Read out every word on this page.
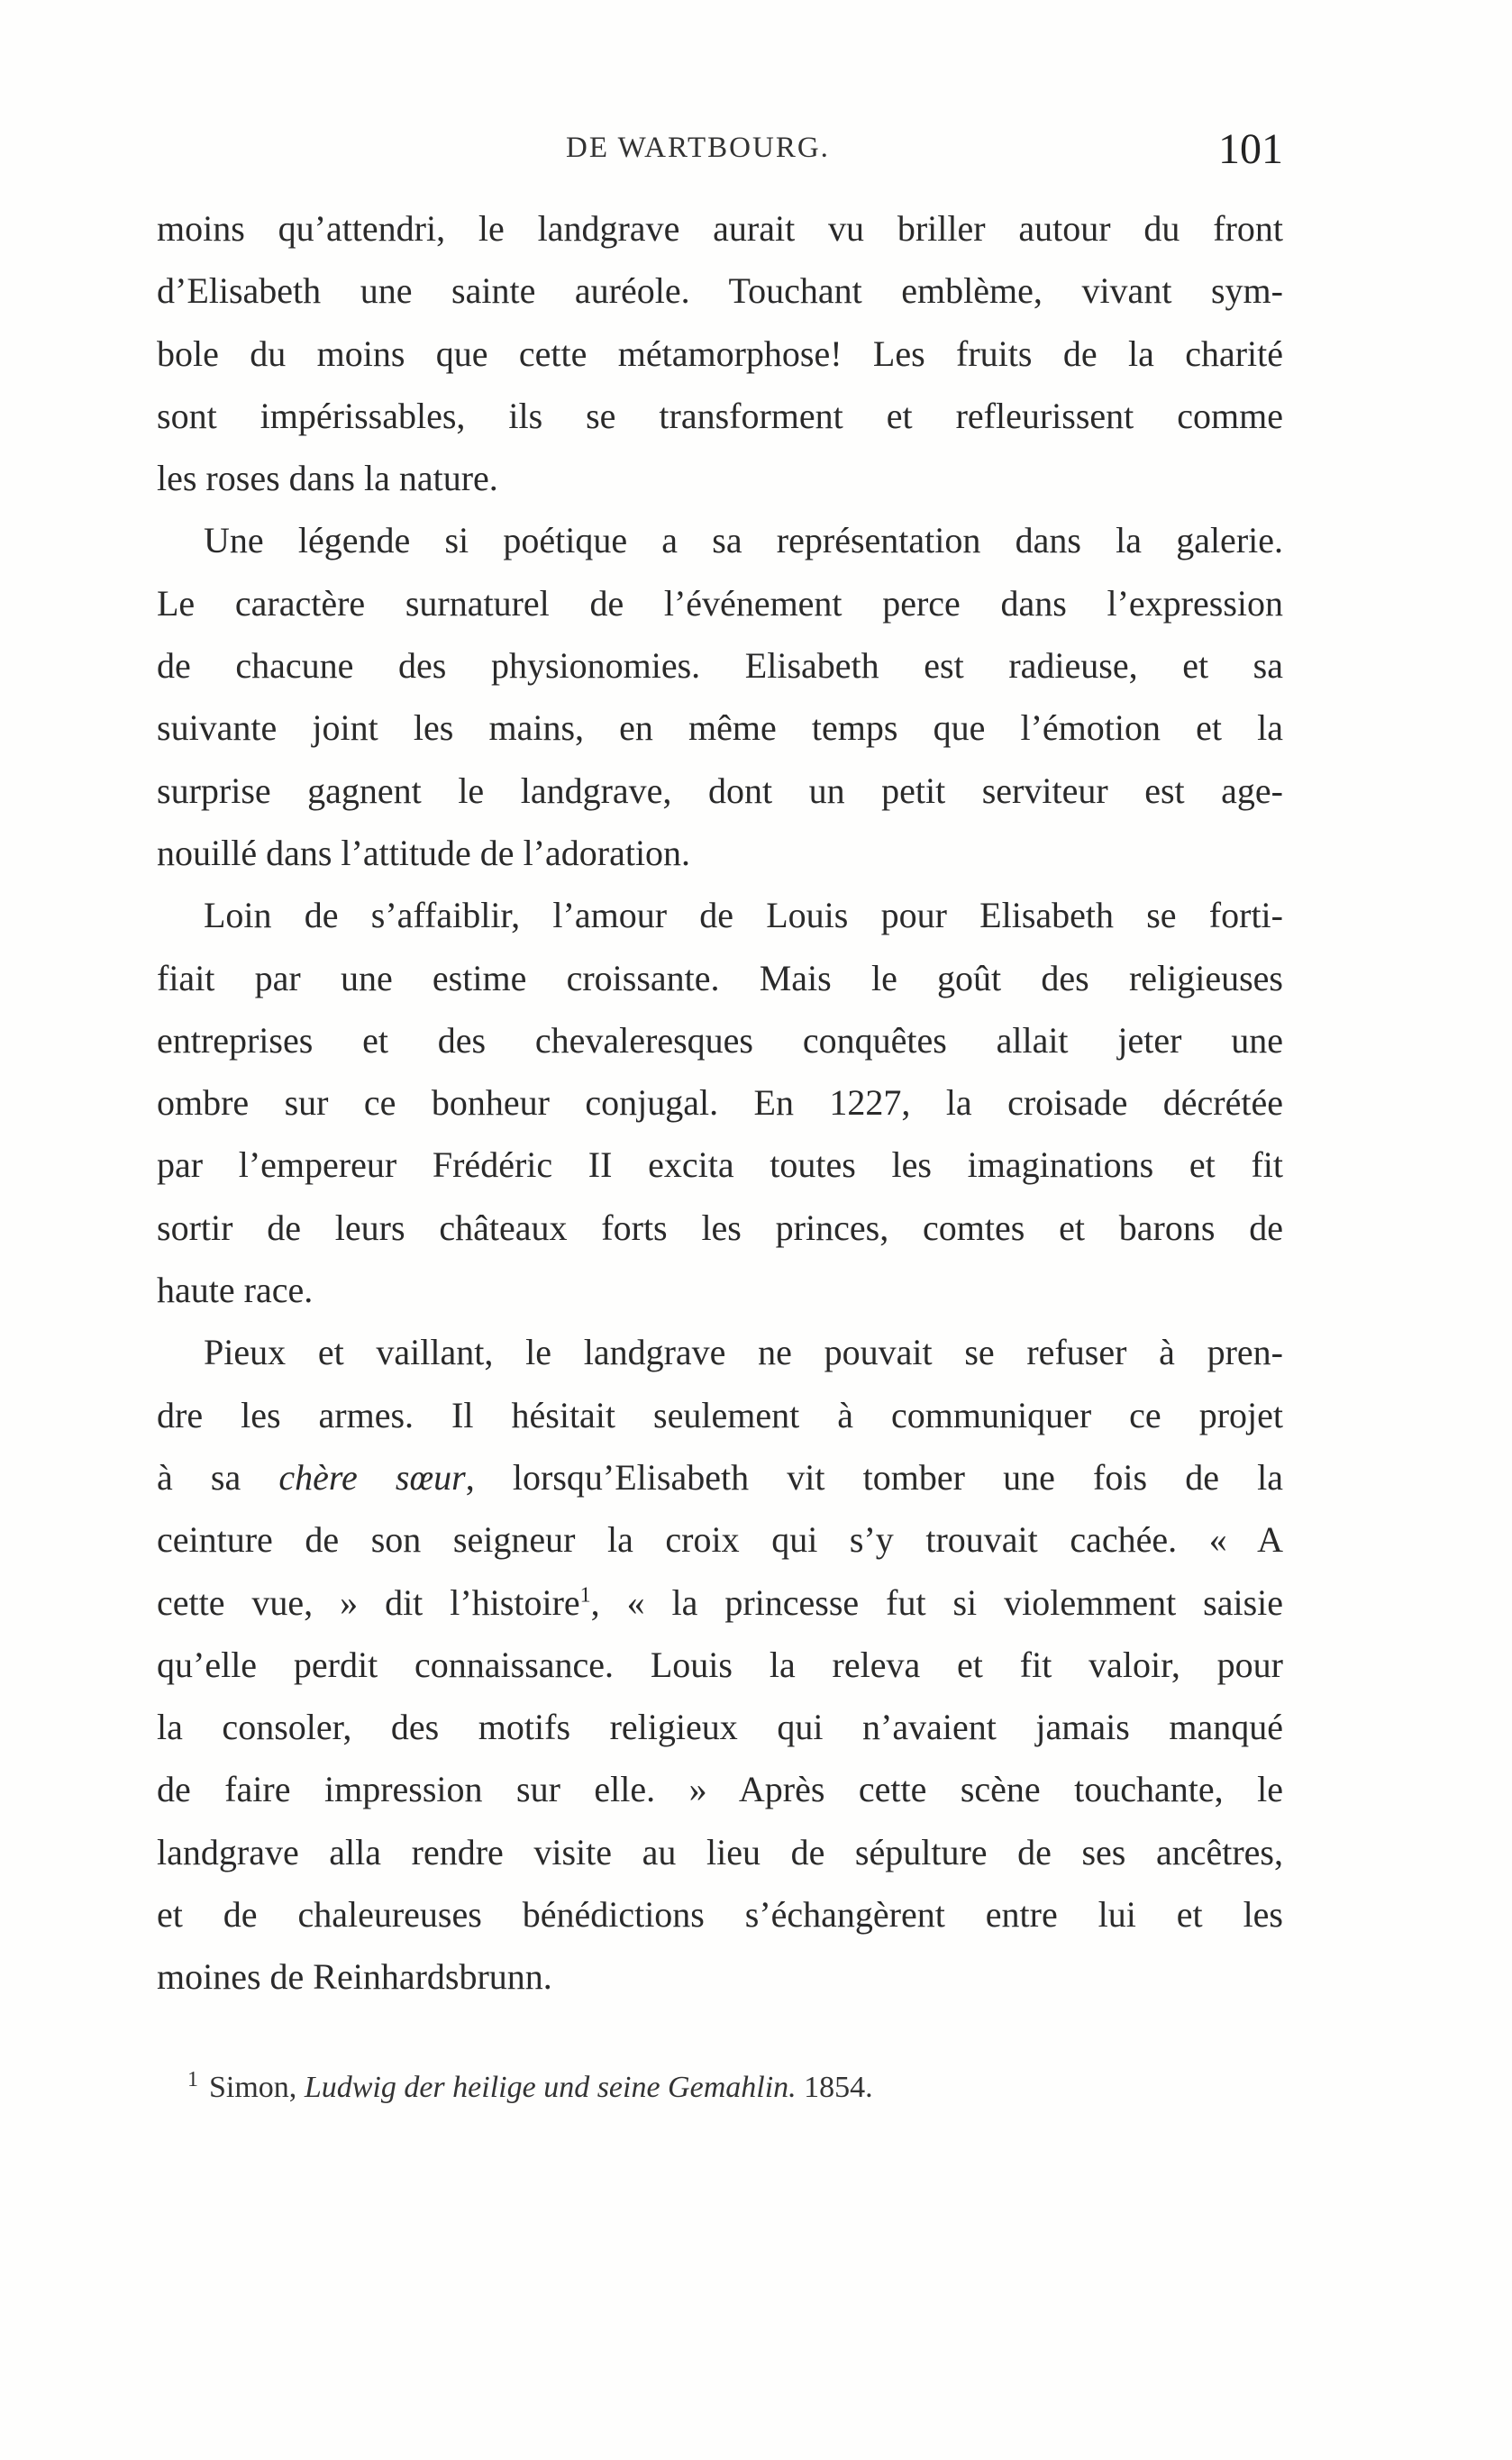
DE WARTBOURG.	101
moins qu’attendri, le landgrave aurait vu briller autour du front
d’Elisabeth une sainte auréole. Touchant emblème, vivant sym-
bole du moins que cette métamorphose! Les fruits de la charité
sont impérissables, ils se transforment et refleurissent comme
les roses dans la nature.
Une légende si poétique a sa représentation dans la galerie.
Le caractère surnaturel de l’événement perce dans l’expression
de chacune des physionomies. Elisabeth est radieuse, et sa
suivante joint les mains, en même temps que l’émotion et la
surprise gagnent le landgrave, dont un petit serviteur est age-
nouillé dans l’attitude de l’adoration.
Loin de s’affaiblir, l’amour de Louis pour Elisabeth se forti-
fiait par une estime croissante. Mais le goût des religieuses
entreprises et des chevaleresques conquêtes allait jeter une
ombre sur ce bonheur conjugal. En 1227, la croisade décrétée
par l’empereur Frédéric II excita toutes les imaginations et fit
sortir de leurs châteaux forts les princes, comtes et barons de
haute race.
Pieux et vaillant, le landgrave ne pouvait se refuser à pren-
dre les armes. Il hésitait seulement à communiquer ce projet
à sa chère sœur, lorsqu’Elisabeth vit tomber une fois de la
ceinture de son seigneur la croix qui s’y trouvait cachée. « A
cette vue, » dit l’histoire$^1$, « la princesse fut si violemment saisie
qu’elle perdit connaissance. Louis la releva et fit valoir, pour
la consoler, des motifs religieux qui n’avaient jamais manqué
de faire impression sur elle. » Après cette scène touchante, le
landgrave alla rendre visite au lieu de sépulture de ses ancêtres,
et de chaleureuses bénédictions s’échangèrent entre lui et les
moines de Reinhardsbrunn.
$^1$ Simon, Ludwig der heilige und seine Gemahlin. 1854.
